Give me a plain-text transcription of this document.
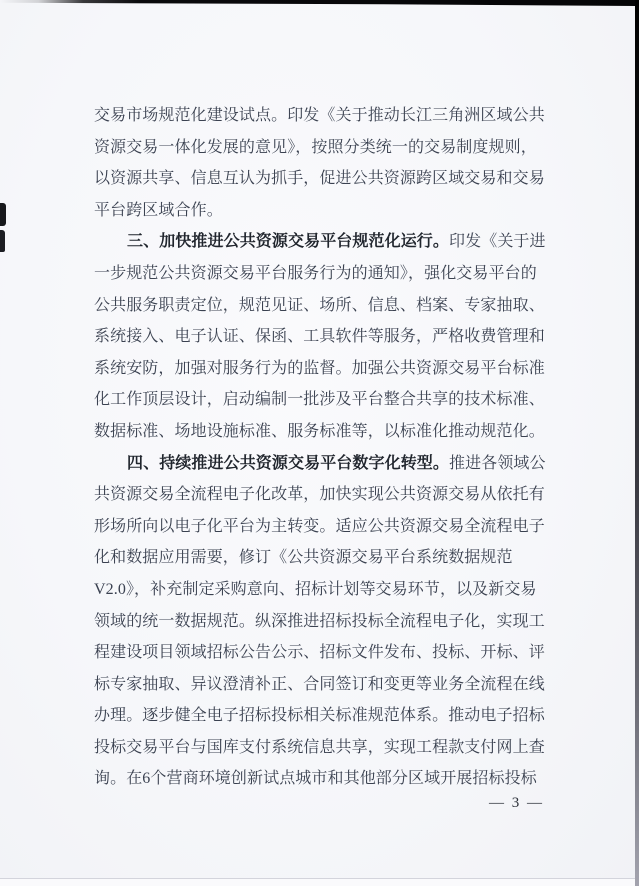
交易市场规范化建设试点。印发《关于推动长江三角洲区域公共
资源交易一体化发展的意见》，按照分类统一的交易制度规则，
以资源共享、信息互认为抓手，促进公共资源跨区域交易和交易
平台跨区域合作。
三、加快推进公共资源交易平台规范化运行。印发《关于进
一步规范公共资源交易平台服务行为的通知》，强化交易平台的
公共服务职责定位，规范见证、场所、信息、档案、专家抽取、
系统接入、电子认证、保函、工具软件等服务，严格收费管理和
系统安防，加强对服务行为的监督。加强公共资源交易平台标准
化工作顶层设计，启动编制一批涉及平台整合共享的技术标准、
数据标准、场地设施标准、服务标准等，以标准化推动规范化。
四、持续推进公共资源交易平台数字化转型。推进各领域公
共资源交易全流程电子化改革，加快实现公共资源交易从依托有
形场所向以电子化平台为主转变。适应公共资源交易全流程电子
化和数据应用需要，修订《公共资源交易平台系统数据规范
V2.0》，补充制定采购意向、招标计划等交易环节，以及新交易
领域的统一数据规范。纵深推进招标投标全流程电子化，实现工
程建设项目领域招标公告公示、招标文件发布、投标、开标、评
标专家抽取、异议澄清补正、合同签订和变更等业务全流程在线
办理。逐步健全电子招标投标相关标准规范体系。推动电子招标
投标交易平台与国库支付系统信息共享，实现工程款支付网上查
询。在6个营商环境创新试点城市和其他部分区域开展招标投标
— 3 —
